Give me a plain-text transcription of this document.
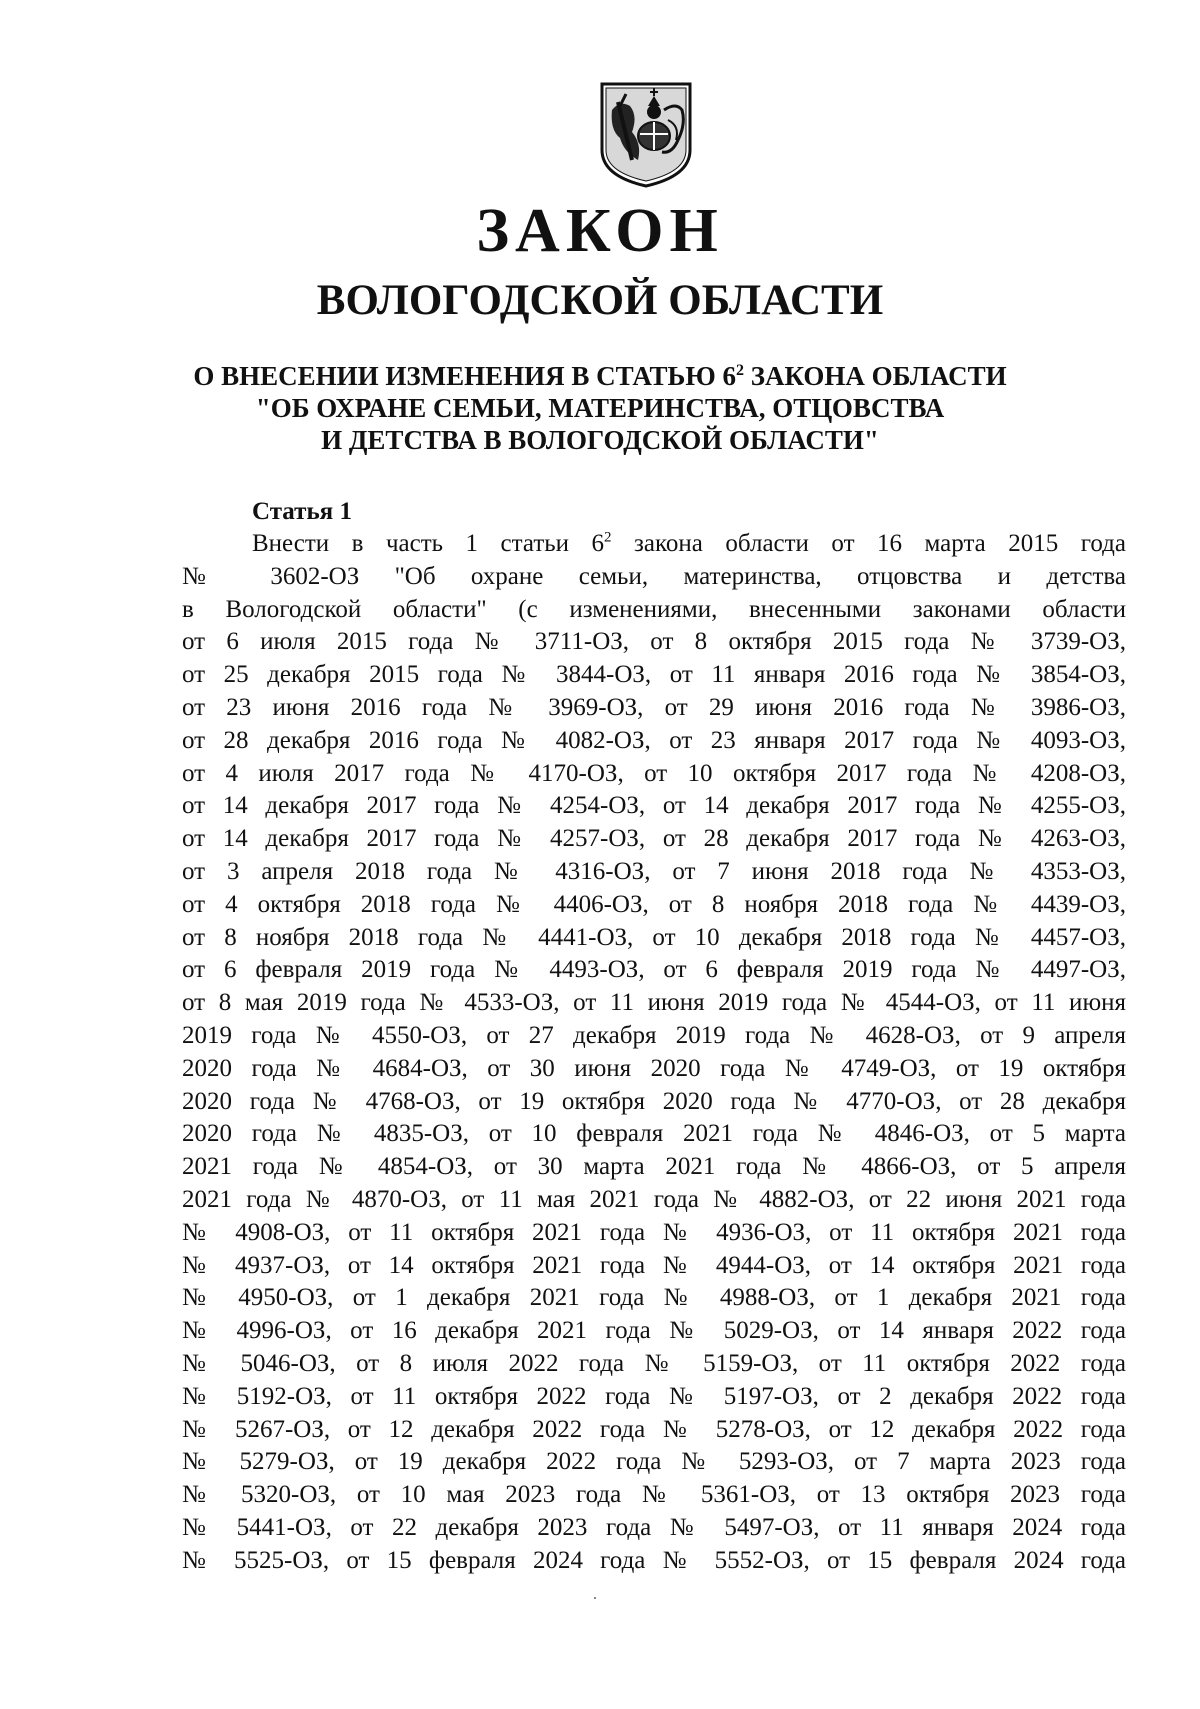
ЗАКОН
ВОЛОГОДСКОЙ ОБЛАСТИ
О ВНЕСЕНИИ ИЗМЕНЕНИЯ В СТАТЬЮ $6^2$ ЗАКОНА ОБЛАСТИ
"ОБ ОХРАНЕ СЕМЬИ, МАТЕРИНСТВА, ОТЦОВСТВА
И ДЕТСТВА В ВОЛОГОДСКОЙ ОБЛАСТИ"
Статья 1
Внести в часть 1 статьи $6^2$ закона области от 16 марта 2015 года
№ 3602-ОЗ "Об охране семьи, материнства, отцовства и детства
в Вологодской области" (с изменениями, внесенными законами области
от 6 июля 2015 года № 3711-ОЗ, от 8 октября 2015 года № 3739-ОЗ,
от 25 декабря 2015 года № 3844-ОЗ, от 11 января 2016 года № 3854-ОЗ,
от 23 июня 2016 года № 3969-ОЗ, от 29 июня 2016 года № 3986-ОЗ,
от 28 декабря 2016 года № 4082-ОЗ, от 23 января 2017 года № 4093-ОЗ,
от 4 июля 2017 года № 4170-ОЗ, от 10 октября 2017 года № 4208-ОЗ,
от 14 декабря 2017 года № 4254-ОЗ, от 14 декабря 2017 года № 4255-ОЗ,
от 14 декабря 2017 года № 4257-ОЗ, от 28 декабря 2017 года № 4263-ОЗ,
от 3 апреля 2018 года № 4316-ОЗ, от 7 июня 2018 года № 4353-ОЗ,
от 4 октября 2018 года № 4406-ОЗ, от 8 ноября 2018 года № 4439-ОЗ,
от 8 ноября 2018 года № 4441-ОЗ, от 10 декабря 2018 года № 4457-ОЗ,
от 6 февраля 2019 года № 4493-ОЗ, от 6 февраля 2019 года № 4497-ОЗ,
от 8 мая 2019 года № 4533-ОЗ, от 11 июня 2019 года № 4544-ОЗ, от 11 июня
2019 года № 4550-ОЗ, от 27 декабря 2019 года № 4628-ОЗ, от 9 апреля
2020 года № 4684-ОЗ, от 30 июня 2020 года № 4749-ОЗ, от 19 октября
2020 года № 4768-ОЗ, от 19 октября 2020 года № 4770-ОЗ, от 28 декабря
2020 года № 4835-ОЗ, от 10 февраля 2021 года № 4846-ОЗ, от 5 марта
2021 года № 4854-ОЗ, от 30 марта 2021 года № 4866-ОЗ, от 5 апреля
2021 года № 4870-ОЗ, от 11 мая 2021 года № 4882-ОЗ, от 22 июня 2021 года
№ 4908-ОЗ, от 11 октября 2021 года № 4936-ОЗ, от 11 октября 2021 года
№ 4937-ОЗ, от 14 октября 2021 года № 4944-ОЗ, от 14 октября 2021 года
№ 4950-ОЗ, от 1 декабря 2021 года № 4988-ОЗ, от 1 декабря 2021 года
№ 4996-ОЗ, от 16 декабря 2021 года № 5029-ОЗ, от 14 января 2022 года
№ 5046-ОЗ, от 8 июля 2022 года № 5159-ОЗ, от 11 октября 2022 года
№ 5192-ОЗ, от 11 октября 2022 года № 5197-ОЗ, от 2 декабря 2022 года
№ 5267-ОЗ, от 12 декабря 2022 года № 5278-ОЗ, от 12 декабря 2022 года
№ 5279-ОЗ, от 19 декабря 2022 года № 5293-ОЗ, от 7 марта 2023 года
№ 5320-ОЗ, от 10 мая 2023 года № 5361-ОЗ, от 13 октября 2023 года
№ 5441-ОЗ, от 22 декабря 2023 года № 5497-ОЗ, от 11 января 2024 года
№ 5525-ОЗ, от 15 февраля 2024 года № 5552-ОЗ, от 15 февраля 2024 года
